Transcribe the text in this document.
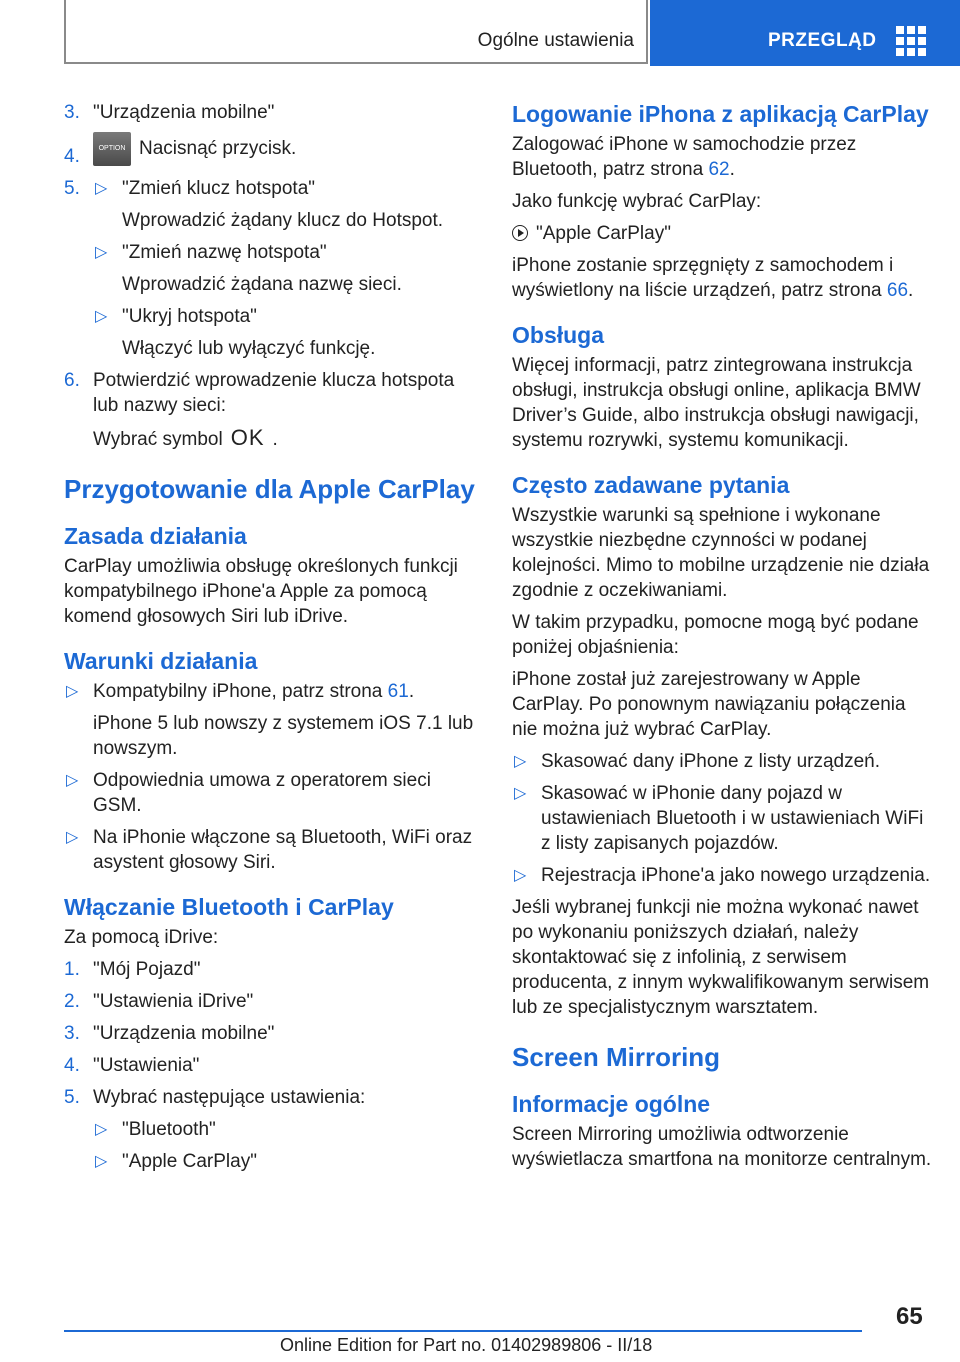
Ogólne ustawienia	PRZEGLĄD
3. "Urządzenia mobilne"
4.	OPTION Nacisnąć przycisk.
5. ▷ "Zmień klucz hotspota"
Wprowadzić żądany klucz do Hotspot.
▷ "Zmień nazwę hotspota"
Wprowadzić żądana nazwę sieci.
▷ "Ukryj hotspota"
Włączyć lub wyłączyć funkcję.
6. Potwierdzić wprowadzenie klucza hotspota lub nazwy sieci:
Wybrać symbol OK .
Przygotowanie dla Apple CarPlay
Zasada działania
CarPlay umożliwia obsługę określonych funkcji kompatybilnego iPhone'a Apple za pomocą komend głosowych Siri lub iDrive.
Warunki działania
▷ Kompatybilny iPhone, patrz strona 61.
iPhone 5 lub nowszy z systemem iOS 7.1 lub nowszym.
▷ Odpowiednia umowa z operatorem sieci GSM.
▷ Na iPhonie włączone są Bluetooth, WiFi oraz asystent głosowy Siri.
Włączanie Bluetooth i CarPlay
Za pomocą iDrive:
1. "Mój Pojazd"
2. "Ustawienia iDrive"
3. "Urządzenia mobilne"
4. "Ustawienia"
5. Wybrać następujące ustawienia:
▷ "Bluetooth"
▷ "Apple CarPlay"
Logowanie iPhona z aplikacją CarPlay
Zalogować iPhone w samochodzie przez Bluetooth, patrz strona 62.
Jako funkcję wybrać CarPlay:
"Apple CarPlay"
iPhone zostanie sprzęgnięty z samochodem i wyświetlony na liście urządzeń, patrz strona 66.
Obsługa
Więcej informacji, patrz zintegrowana instrukcja obsługi, instrukcja obsługi online, aplikacja BMW Driver’s Guide, albo instrukcja obsługi nawigacji, systemu rozrywki, systemu komunikacji.
Często zadawane pytania
Wszystkie warunki są spełnione i wykonane wszystkie niezbędne czynności w podanej kolejności. Mimo to mobilne urządzenie nie działa zgodnie z oczekiwaniami.
W takim przypadku, pomocne mogą być podane poniżej objaśnienia:
iPhone został już zarejestrowany w Apple CarPlay. Po ponownym nawiązaniu połączenia nie można już wybrać CarPlay.
▷ Skasować dany iPhone z listy urządzeń.
▷ Skasować w iPhonie dany pojazd w ustawieniach Bluetooth i w ustawieniach WiFi z listy zapisanych pojazdów.
▷ Rejestracja iPhone'a jako nowego urządzenia.
Jeśli wybranej funkcji nie można wykonać nawet po wykonaniu poniższych działań, należy skontaktować się z infolinią, z serwisem producenta, z innym wykwalifikowanym serwisem lub ze specjalistycznym warsztatem.
Screen Mirroring
Informacje ogólne
Screen Mirroring umożliwia odtworzenie wyświetlacza smartfona na monitorze centralnym.
65
Online Edition for Part no. 01402989806 - II/18
